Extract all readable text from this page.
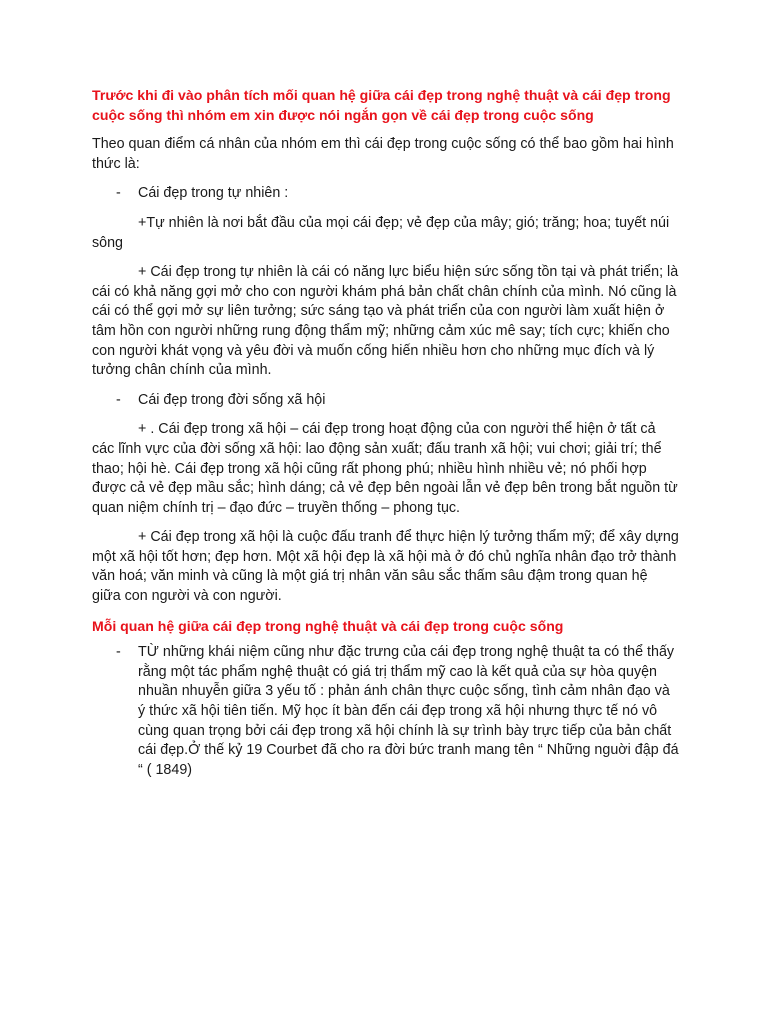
Trước khi đi vào phân tích mối quan hệ giữa cái đẹp trong nghệ thuật và cái đẹp trong cuộc sống thì nhóm em xin được nói ngắn gọn về cái đẹp trong cuộc sống

Theo quan điểm cá nhân của nhóm em thì cái đẹp trong cuộc sống có thể bao gồm hai hình thức là:

- Cái đẹp trong tự nhiên :

+Tự nhiên là nơi bắt đầu của mọi cái đẹp; vẻ đẹp của mây; gió; trăng; hoa; tuyết núi sông

+ Cái đẹp trong tự nhiên là cái có năng lực biểu hiện sức sống tồn tại và phát triển; là cái có khả năng gợi mở cho con người khám phá bản chất chân chính của mình. Nó cũng là cái có thể gợi mở sự liên tưởng; sức sáng tạo và phát triển của con người làm xuất hiện ở tâm hồn con người những rung động thẩm mỹ; những cảm xúc mê say; tích cực; khiến cho con người khát vọng và yêu đời và muốn cống hiến nhiều hơn cho những mục đích và lý tưởng chân chính của mình.

- Cái đẹp trong đời sống xã hội

+ . Cái đẹp trong xã hội – cái đẹp trong hoạt động của con người thể hiện ở tất cả các lĩnh vực của đời sống xã hội: lao động sản xuất; đấu tranh xã hội; vui chơi; giải trí; thể thao; hội hè. Cái đẹp trong xã hội cũng rất phong phú; nhiều hình nhiều vẻ; nó phối hợp được cả vẻ đẹp mầu sắc; hình dáng; cả vẻ đẹp bên ngoài lẫn vẻ đẹp bên trong bắt nguồn từ quan niệm chính trị – đạo đức – truyền thống – phong tục.

+ Cái đẹp trong xã hội là cuộc đấu tranh để thực hiện lý tưởng thẩm mỹ; để xây dựng một xã hội tốt hơn; đẹp hơn. Một xã hội đẹp là xã hội mà ở đó chủ nghĩa nhân đạo trở thành văn hoá; văn minh và cũng là một giá trị nhân văn sâu sắc thấm sâu đậm trong quan hệ giữa con người và con người.

Mỗi quan hệ giữa cái đẹp trong nghệ thuật và cái đẹp trong cuộc sống

- TỪ những khái niệm cũng như đặc trưng của cái đẹp trong nghệ thuật ta có thể thấy rằng một tác phẩm nghệ thuật có giá trị thẩm mỹ cao là kết quả của sự hòa quyện nhuần nhuyễn giữa 3 yếu tố : phản ánh chân thực cuộc sống, tình cảm nhân đạo và ý thức xã hội tiên tiến. Mỹ học ít bàn đến cái đẹp trong xã hội nhưng thực tế nó vô cùng quan trọng bởi cái đẹp trong xã hội chính là sự trình bày trực tiếp của bản chất cái đẹp.Ở thế kỷ 19 Courbet đã cho ra đời bức tranh mang tên “ Những nguời đập đá “ ( 1849)
